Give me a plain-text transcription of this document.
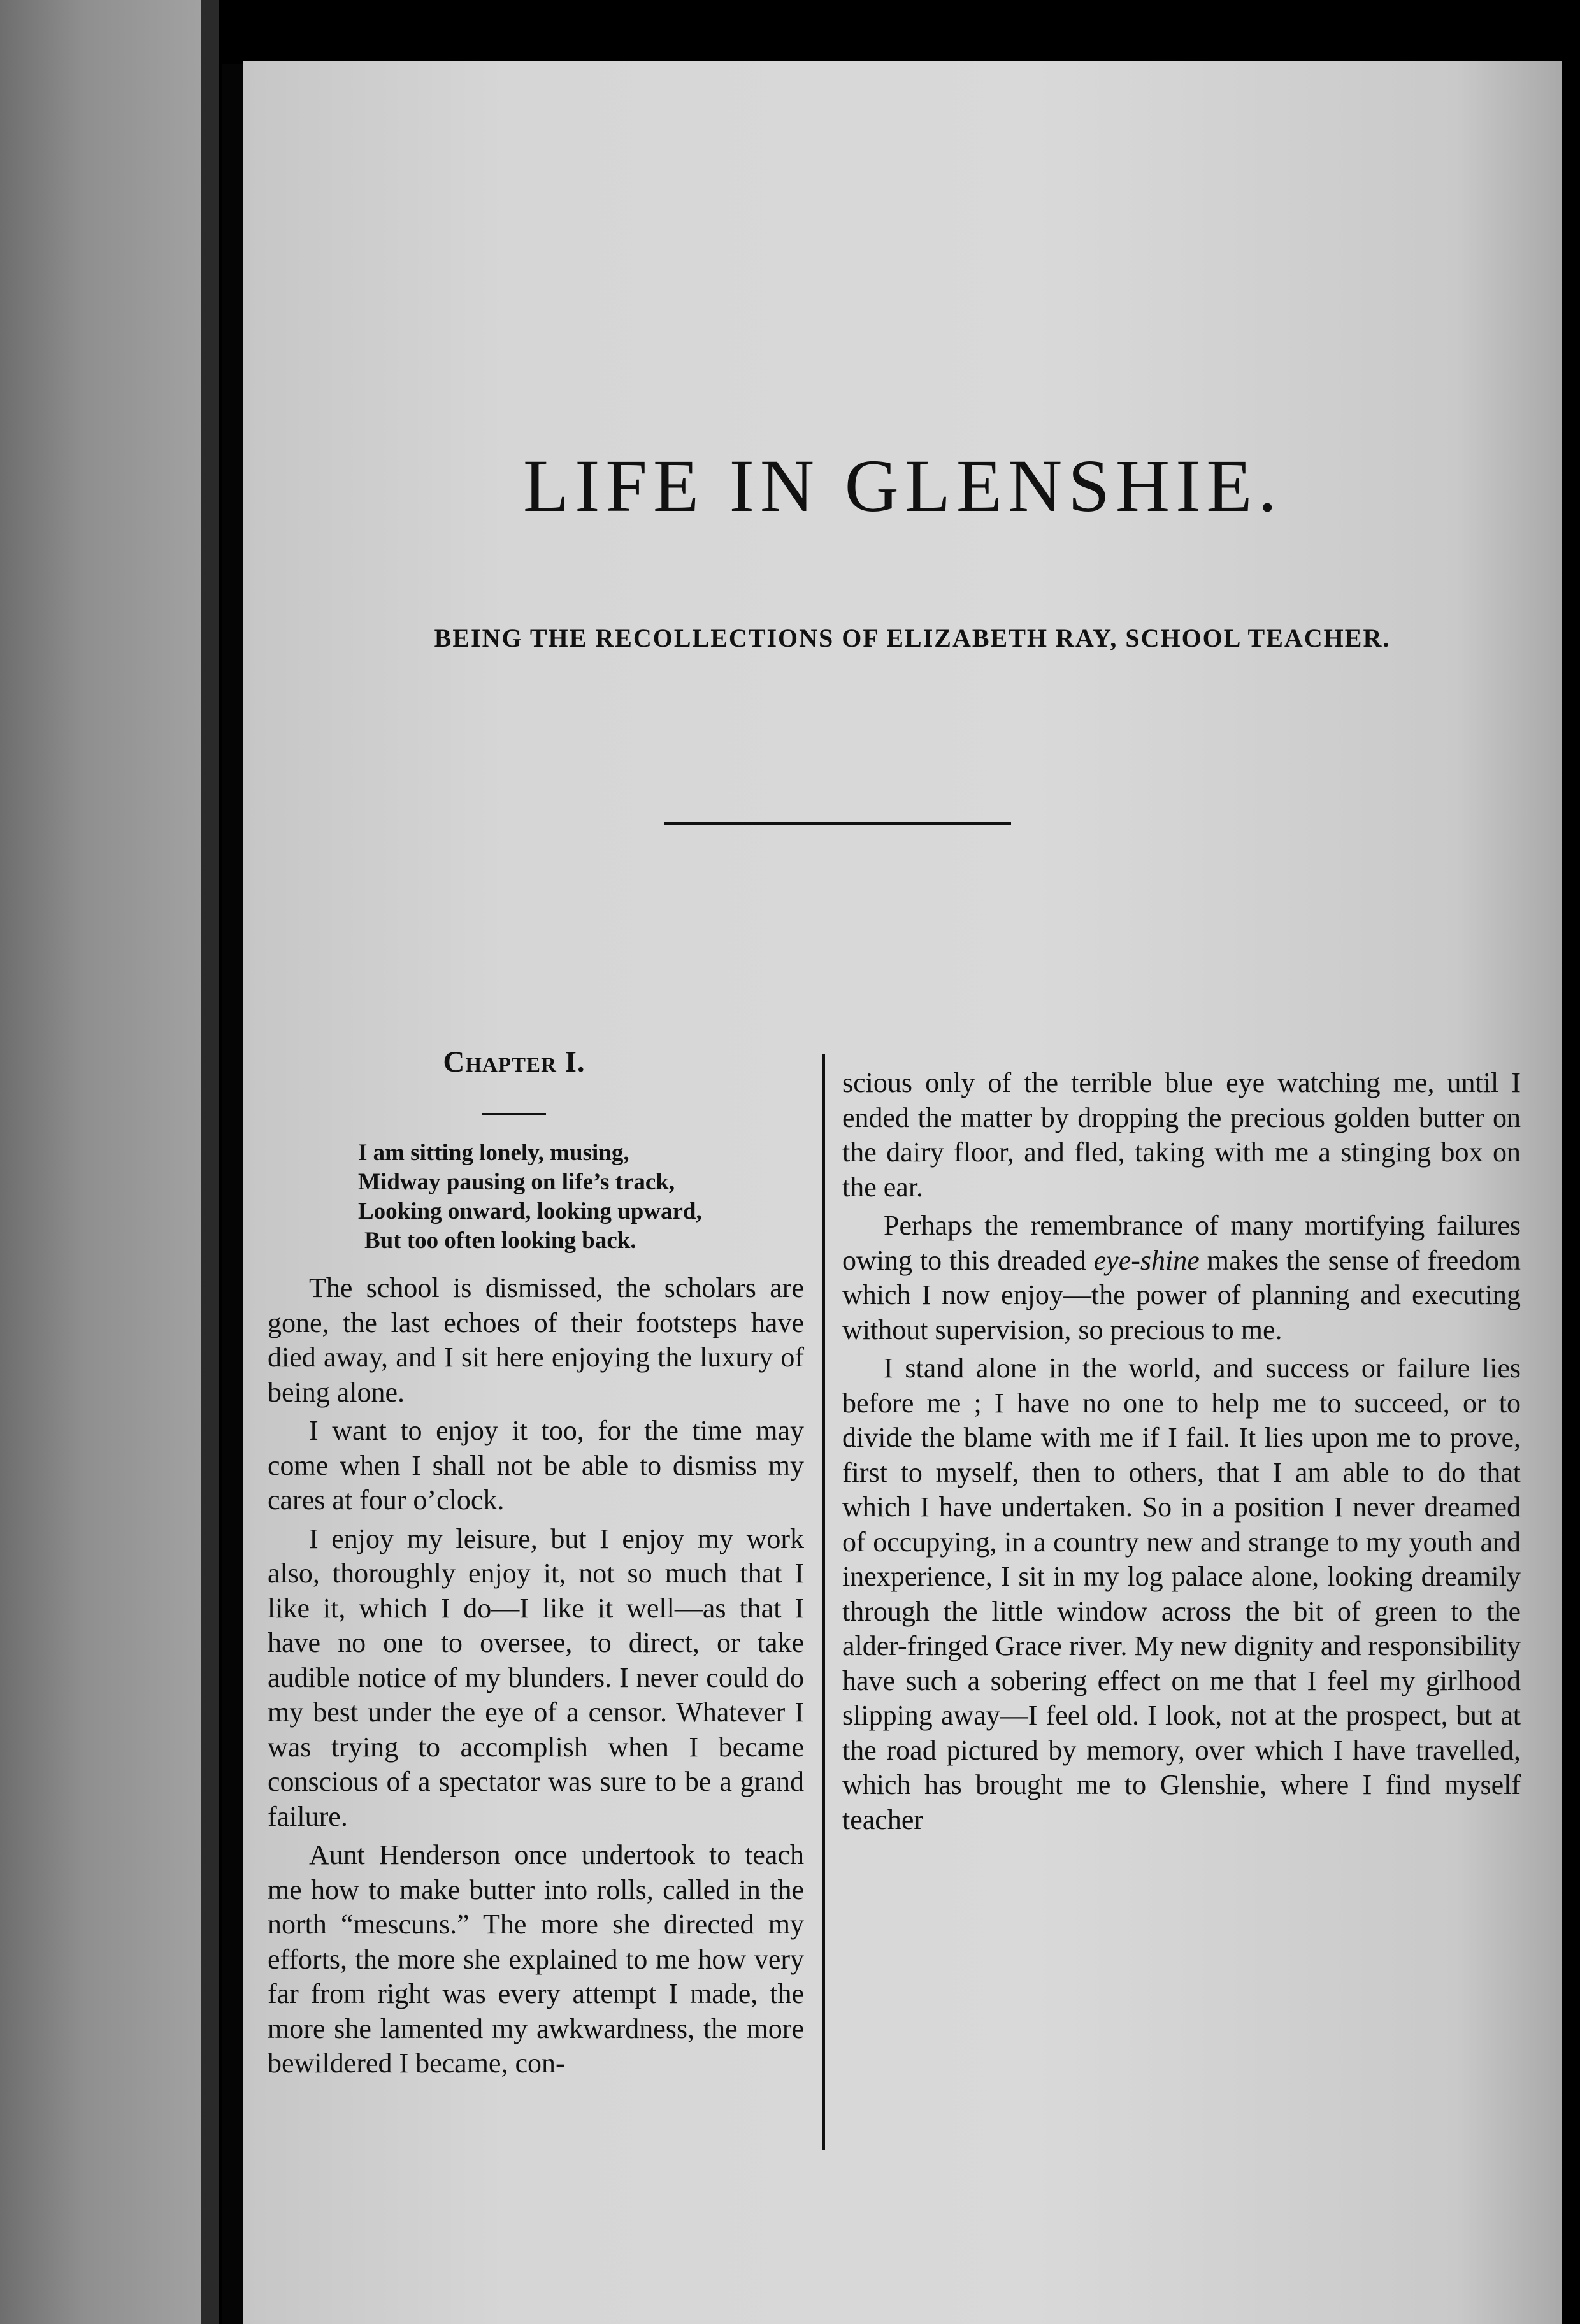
LIFE IN GLENSHIE.
BEING THE RECOLLECTIONS OF ELIZABETH RAY, SCHOOL TEACHER.
Chapter I.
I am sitting lonely, musing,
Midway pausing on life’s track,
Looking onward, looking upward,
But too often looking back.

The school is dismissed, the scholars are gone, the last echoes of their footsteps have died away, and I sit here enjoying the luxury of being alone.

I want to enjoy it too, for the time may come when I shall not be able to dismiss my cares at four o’clock.

I enjoy my leisure, but I enjoy my work also, thoroughly enjoy it, not so much that I like it, which I do—I like it well—as that I have no one to oversee, to direct, or take audible notice of my blunders. I never could do my best under the eye of a censor. Whatever I was trying to accomplish when I became conscious of a spectator was sure to be a grand failure.

Aunt Henderson once undertook to teach me how to make butter into rolls, called in the north “mescuns.” The more she directed my efforts, the more she explained to me how very far from right was every attempt I made, the more she lamented my awkwardness, the more bewildered I became, con-

scious only of the terrible blue eye watching me, until I ended the matter by dropping the precious golden butter on the dairy floor, and fled, taking with me a stinging box on the ear.

Perhaps the remembrance of many mortifying failures owing to this dreaded eye-shine makes the sense of freedom which I now enjoy—the power of planning and executing without supervision, so precious to me.

I stand alone in the world, and success or failure lies before me ; I have no one to help me to succeed, or to divide the blame with me if I fail. It lies upon me to prove, first to myself, then to others, that I am able to do that which I have undertaken. So in a position I never dreamed of occupying, in a country new and strange to my youth and inexperience, I sit in my log palace alone, looking dreamily through the little window across the bit of green to the alder-fringed Grace river. My new dignity and responsibility have such a sobering effect on me that I feel my girlhood slipping away—I feel old. I look, not at the prospect, but at the road pictured by memory, over which I have travelled, which has brought me to Glenshie, where I find myself teacher
